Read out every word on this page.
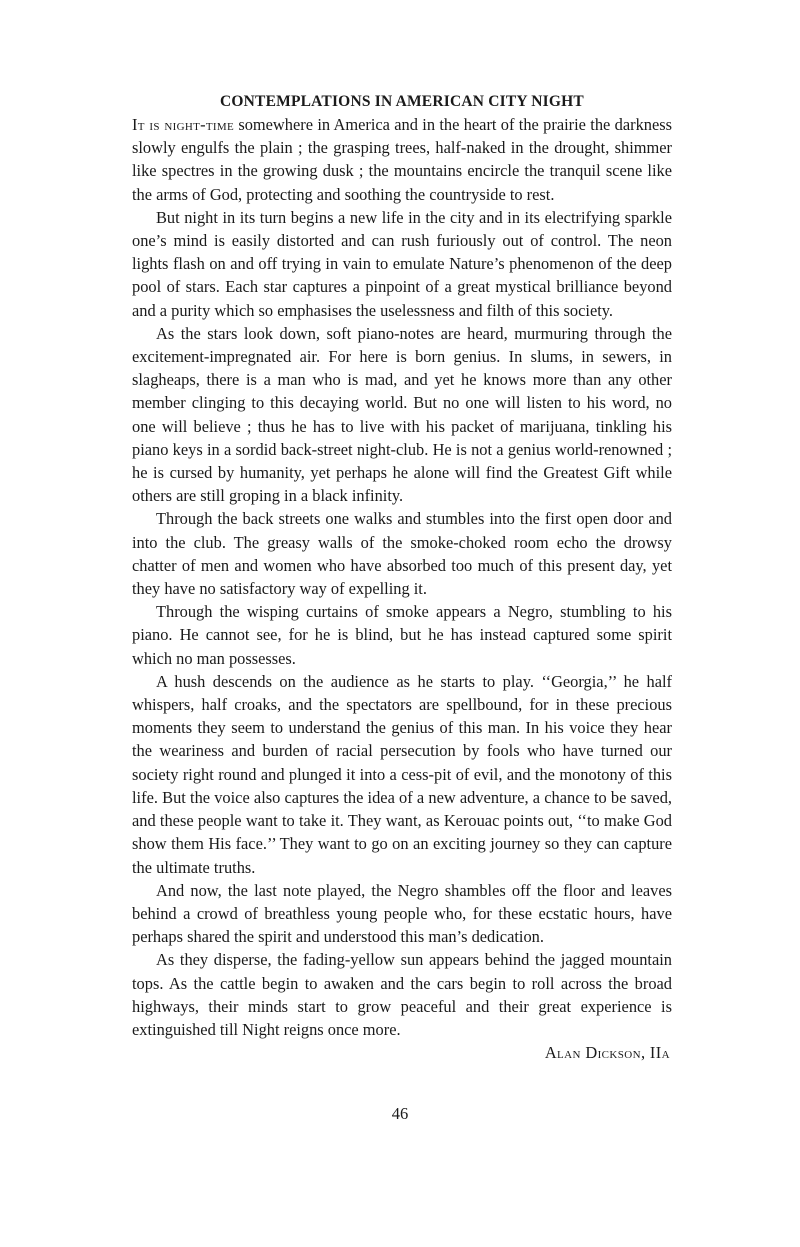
CONTEMPLATIONS IN AMERICAN CITY NIGHT

It is night-time somewhere in America and in the heart of the prairie the darkness slowly engulfs the plain ; the grasping trees, half-naked in the drought, shimmer like spectres in the growing dusk ; the mountains encircle the tranquil scene like the arms of God, protecting and soothing the countryside to rest.

But night in its turn begins a new life in the city and in its electrifying sparkle one’s mind is easily distorted and can rush furiously out of control. The neon lights flash on and off trying in vain to emulate Nature’s phenomenon of the deep pool of stars. Each star captures a pinpoint of a great mystical brilliance beyond and a purity which so emphasises the uselessness and filth of this society.

As the stars look down, soft piano-notes are heard, murmuring through the excitement-impregnated air. For here is born genius. In slums, in sewers, in slagheaps, there is a man who is mad, and yet he knows more than any other member clinging to this decaying world. But no one will listen to his word, no one will believe ; thus he has to live with his packet of marijuana, tinkling his piano keys in a sordid back-street night-club. He is not a genius world-renowned ; he is cursed by humanity, yet perhaps he alone will find the Greatest Gift while others are still groping in a black infinity.

Through the back streets one walks and stumbles into the first open door and into the club. The greasy walls of the smoke-choked room echo the drowsy chatter of men and women who have absorbed too much of this present day, yet they have no satisfactory way of expelling it.

Through the wisping curtains of smoke appears a Negro, stumbling to his piano. He cannot see, for he is blind, but he has instead captured some spirit which no man possesses.

A hush descends on the audience as he starts to play. ‘‘Georgia,’’ he half whispers, half croaks, and the spectators are spellbound, for in these precious moments they seem to understand the genius of this man. In his voice they hear the weariness and burden of racial persecution by fools who have turned our society right round and plunged it into a cess-pit of evil, and the monotony of this life. But the voice also captures the idea of a new adventure, a chance to be saved, and these people want to take it. They want, as Kerouac points out, ‘‘to make God show them His face.’’ They want to go on an exciting journey so they can capture the ultimate truths.

And now, the last note played, the Negro shambles off the floor and leaves behind a crowd of breathless young people who, for these ecstatic hours, have perhaps shared the spirit and understood this man’s dedication.

As they disperse, the fading-yellow sun appears behind the jagged mountain tops. As the cattle begin to awaken and the cars begin to roll across the broad highways, their minds start to grow peaceful and their great experience is extinguished till Night reigns once more.

Alan Dickson, IIa

46
